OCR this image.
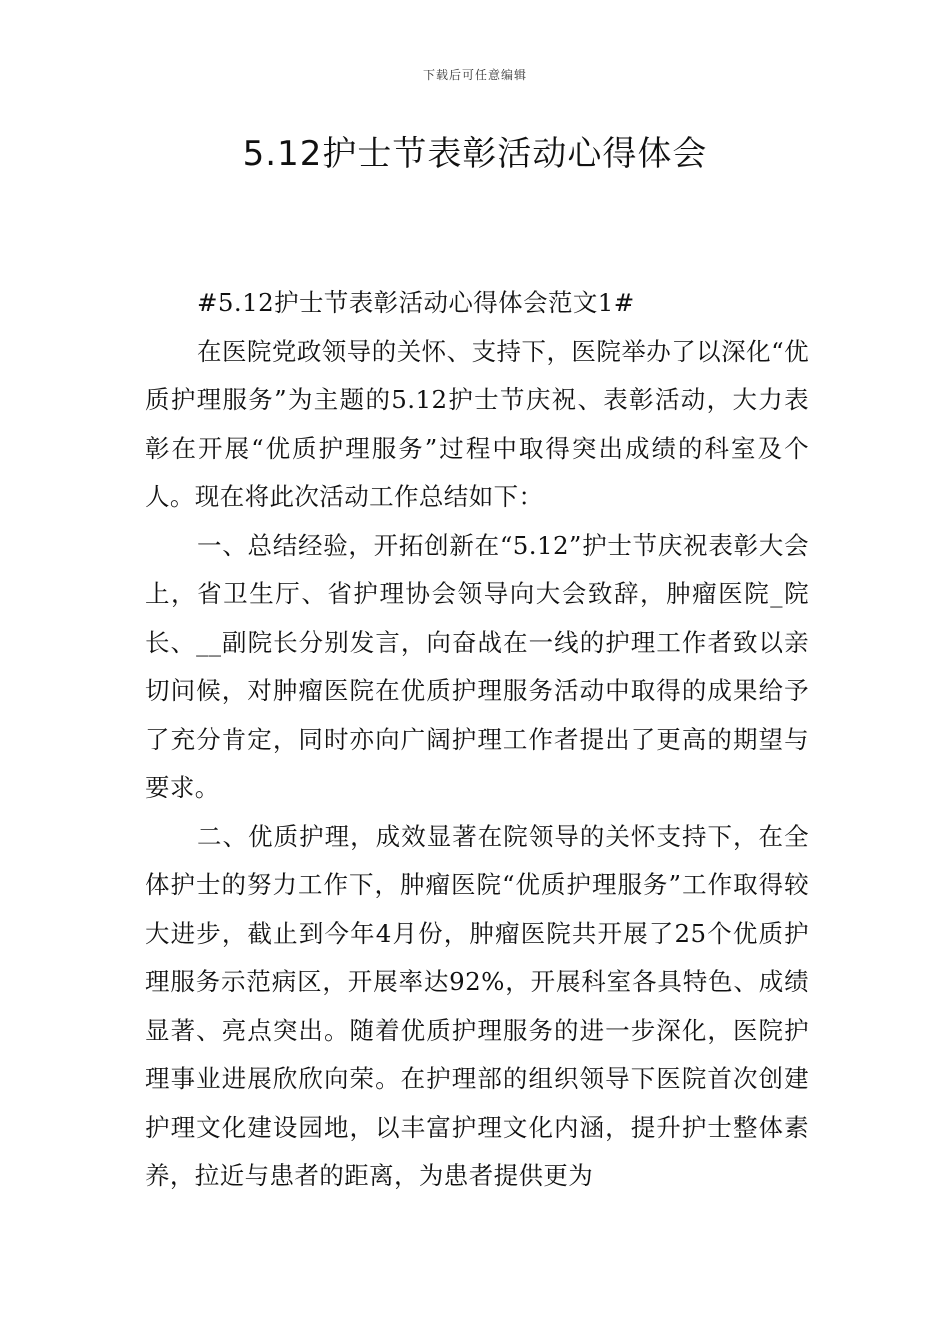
下载后可任意编辑
5.12护士节表彰活动心得体会

#5.12护士节表彰活动心得体会范文1#

在医院党政领导的关怀、支持下，医院举办了以深化“优质护理服务”为主题的5.12护士节庆祝、表彰活动，大力表彰在开展“优质护理服务”过程中取得突出成绩的科室及个人。现在将此次活动工作总结如下：

一、总结经验，开拓创新在“5.12”护士节庆祝表彰大会上，省卫生厅、省护理协会领导向大会致辞，肿瘤医院_院长、__副院长分别发言，向奋战在一线的护理工作者致以亲切问候，对肿瘤医院在优质护理服务活动中取得的成果给予了充分肯定，同时亦向广阔护理工作者提出了更高的期望与要求。

二、优质护理，成效显著在院领导的关怀支持下，在全体护士的努力工作下，肿瘤医院“优质护理服务”工作取得较大进步，截止到今年4月份，肿瘤医院共开展了25个优质护理服务示范病区，开展率达92%，开展科室各具特色、成绩显著、亮点突出。随着优质护理服务的进一步深化，医院护理事业进展欣欣向荣。在护理部的组织领导下医院首次创建护理文化建设园地，以丰富护理文化内涵，提升护士整体素养，拉近与患者的距离，为患者提供更为
